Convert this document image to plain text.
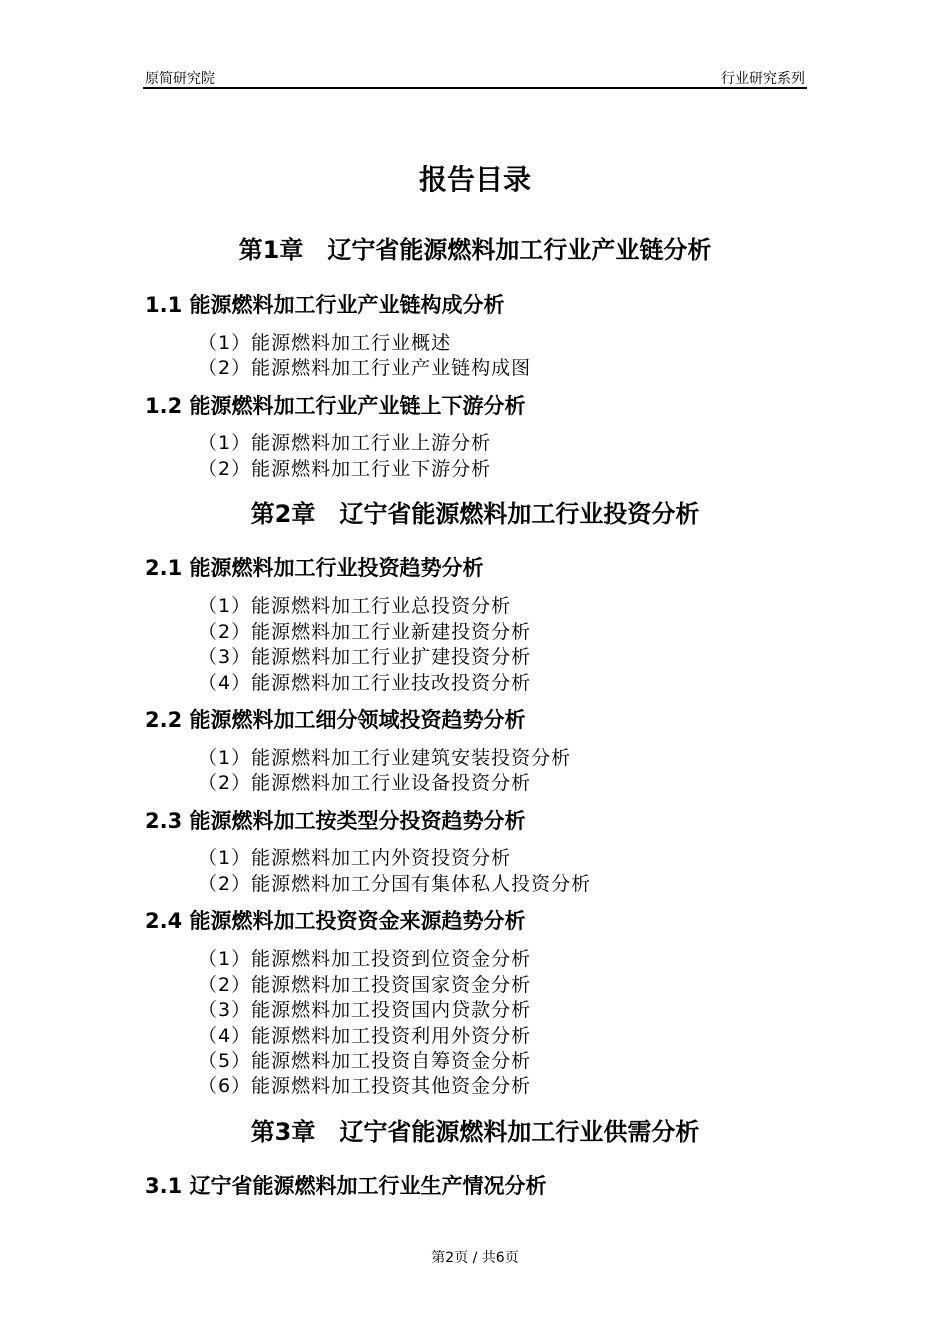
原简研究院	行业研究系列
报告目录
第1章　辽宁省能源燃料加工行业产业链分析
1.1 能源燃料加工行业产业链构成分析
（1）能源燃料加工行业概述
（2）能源燃料加工行业产业链构成图
1.2 能源燃料加工行业产业链上下游分析
（1）能源燃料加工行业上游分析
（2）能源燃料加工行业下游分析
第2章　辽宁省能源燃料加工行业投资分析
2.1 能源燃料加工行业投资趋势分析
（1）能源燃料加工行业总投资分析
（2）能源燃料加工行业新建投资分析
（3）能源燃料加工行业扩建投资分析
（4）能源燃料加工行业技改投资分析
2.2 能源燃料加工细分领域投资趋势分析
（1）能源燃料加工行业建筑安装投资分析
（2）能源燃料加工行业设备投资分析
2.3 能源燃料加工按类型分投资趋势分析
（1）能源燃料加工内外资投资分析
（2）能源燃料加工分国有集体私人投资分析
2.4 能源燃料加工投资资金来源趋势分析
（1）能源燃料加工投资到位资金分析
（2）能源燃料加工投资国家资金分析
（3）能源燃料加工投资国内贷款分析
（4）能源燃料加工投资利用外资分析
（5）能源燃料加工投资自筹资金分析
（6）能源燃料加工投资其他资金分析
第3章　辽宁省能源燃料加工行业供需分析
3.1 辽宁省能源燃料加工行业生产情况分析
第2页 / 共6页
